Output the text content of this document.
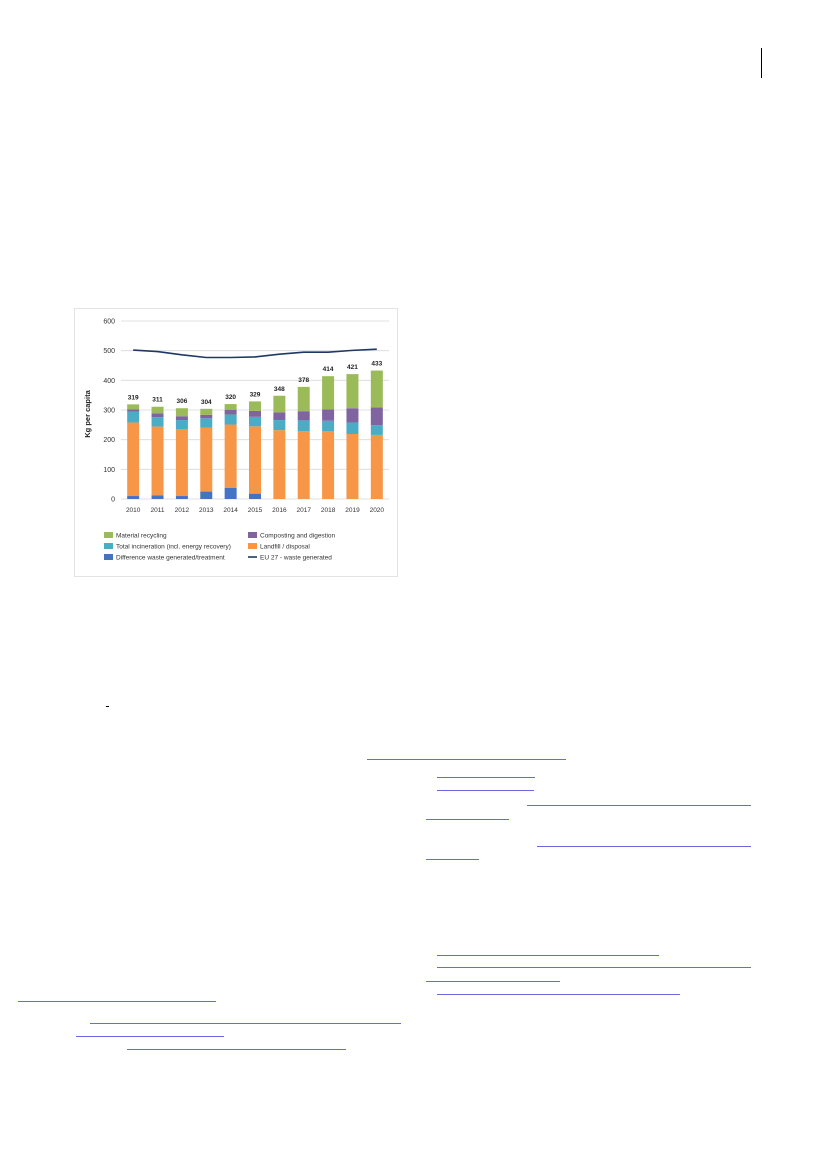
0
100
200
300
400
500
600
319
2010
311
2011
306
2012
304
2013
320
2014
329
2015
348
2016
378
2017
414
2018
421
2019
433
2020
Kg per capita
Material recycling	Composting and digestion
Total incineration (incl. energy recovery)	Landfill / disposal
Difference waste generated/treatment	EU 27 - waste generated
